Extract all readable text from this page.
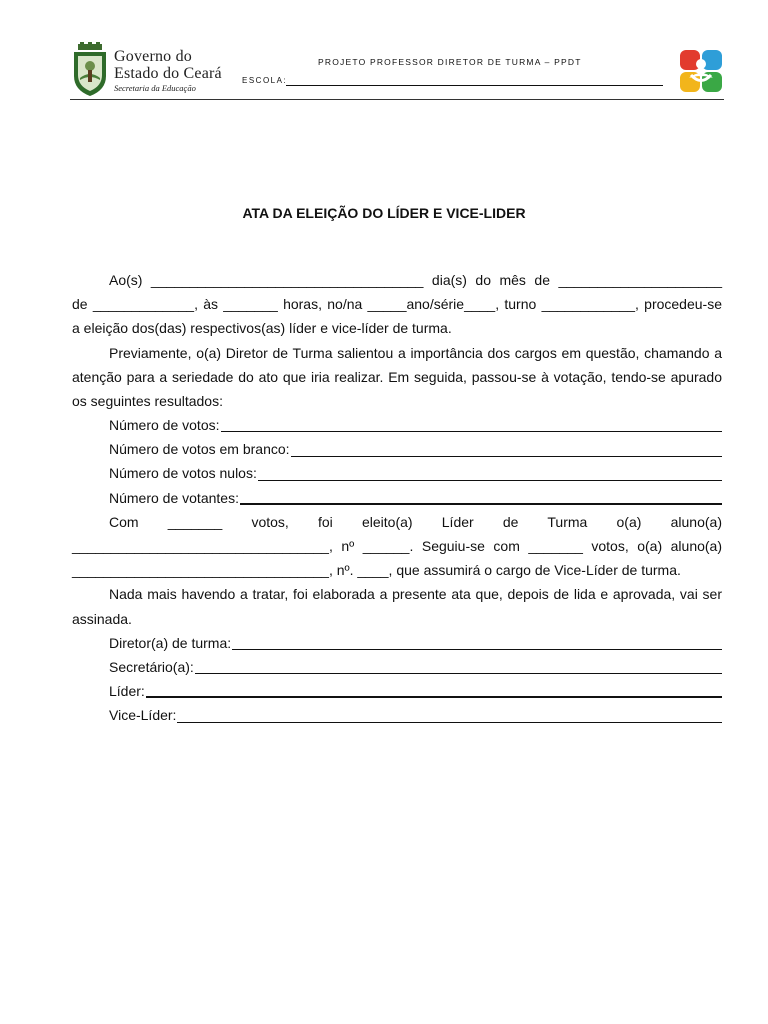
Governo do
Estado do Ceará
Secretaria da Educação
PROJETO PROFESSOR DIRETOR DE TURMA – PPDT
ESCOLA:
ATA DA ELEIÇÃO DO LÍDER E VICE-LIDER
Ao(s) ___________________________________ dia(s) do mês de _____________________
de _____________, às _______ horas, no/na _____ano/série____, turno ____________, procedeu-se
a eleição dos(das) respectivos(as) líder e vice-líder de turma.
Previamente, o(a) Diretor de Turma salientou a importância dos cargos em questão, chamando a
atenção para a seriedade do ato que iria realizar. Em seguida, passou-se à votação, tendo-se apurado
os seguintes resultados:
Número de votos:
Número de votos em branco:
Número de votos nulos:
Número de votantes:
Com _______ votos, foi eleito(a) Líder de Turma o(a) aluno(a)
_________________________________, nº ______. Seguiu-se com _______ votos, o(a) aluno(a)
_________________________________, nº. ____, que assumirá o cargo de Vice-Líder de turma.
Nada mais havendo a tratar, foi elaborada a presente ata que, depois de lida e aprovada, vai ser
assinada.
Diretor(a) de turma:
Secretário(a):
Líder:
Vice-Líder:
